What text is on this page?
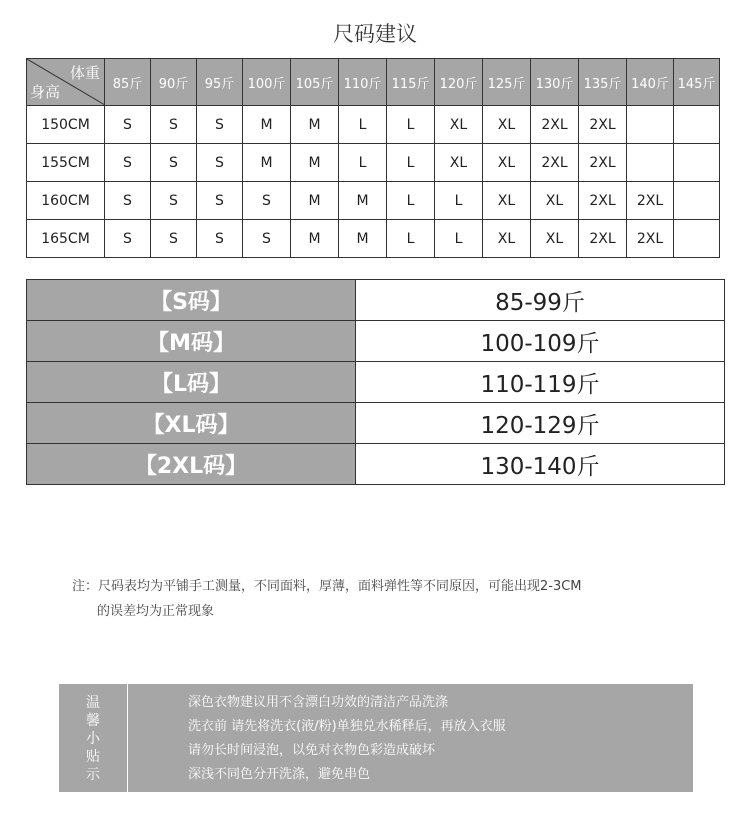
尺码建议
体重
身高	85斤	90斤	95斤	100斤	105斤	110斤	115斤	120斤	125斤	130斤	135斤	140斤	145斤
150CM	S	S	S	M	M	L	L	XL	XL	2XL	2XL		
155CM	S	S	S	M	M	L	L	XL	XL	2XL	2XL		
160CM	S	S	S	S	M	M	L	L	XL	XL	2XL	2XL	
165CM	S	S	S	S	M	M	L	L	XL	XL	2XL	2XL	
【S码】	85-99斤
【M码】	100-109斤
【L码】	110-119斤
【XL码】	120-129斤
【2XL码】	130-140斤
注：尺码表均为平铺手工测量，不同面料，厚薄，面料弹性等不同原因，可能出现2-3CM
的误差均为正常现象
温
馨
小
贴
示
深色衣物建议用不含漂白功效的清洁产品洗涤
洗衣前 请先将洗衣(液/粉)单独兑水稀释后，再放入衣服
请勿长时间浸泡，以免对衣物色彩造成破坏
深浅不同色分开洗涤，避免串色
